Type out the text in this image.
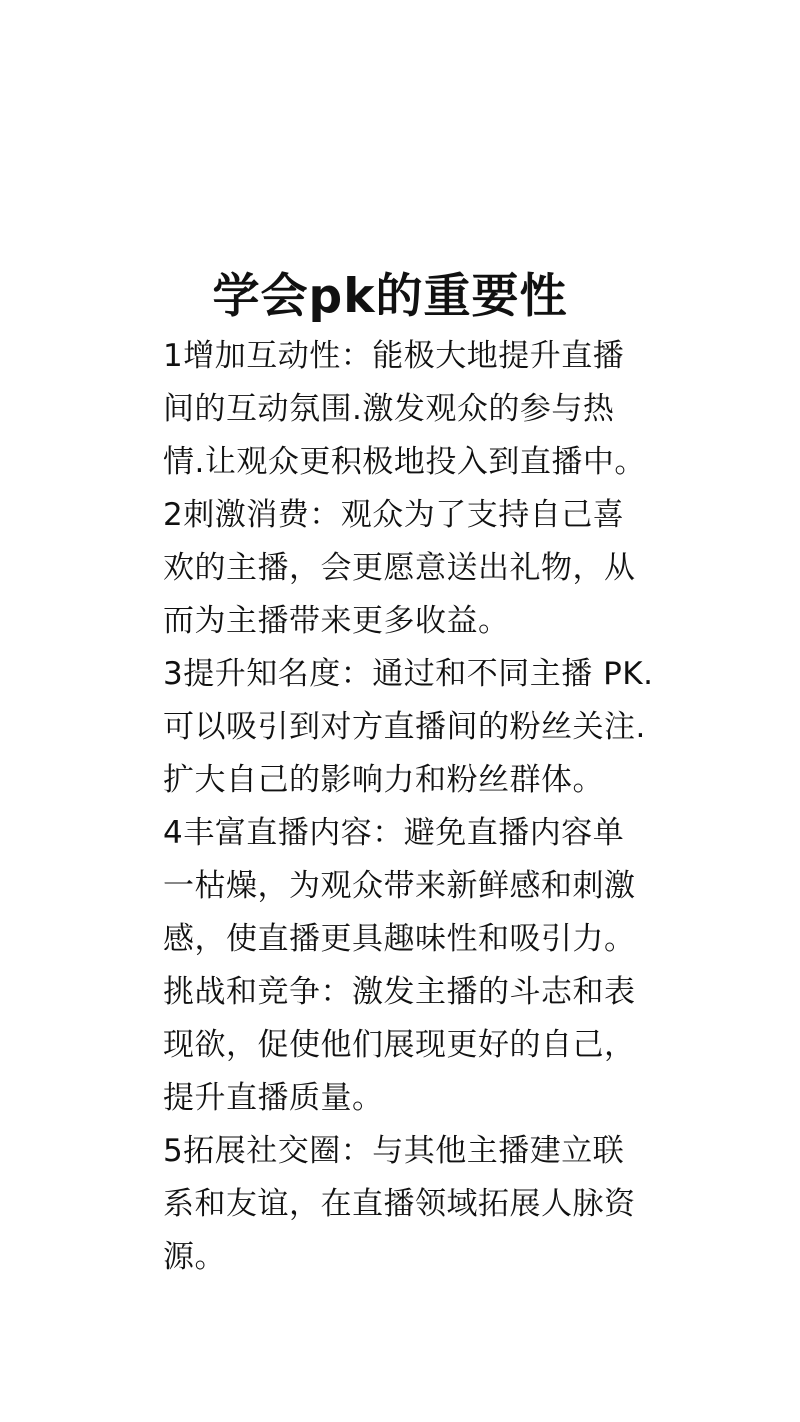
学会pk的重要性
1增加互动性：能极大地提升直播
间的互动氛围.激发观众的参与热
情.让观众更积极地投入到直播中。
2刺激消费：观众为了支持自己喜
欢的主播，会更愿意送出礼物，从
而为主播带来更多收益。
3提升知名度：通过和不同主播 PK.
可以吸引到对方直播间的粉丝关注.
扩大自己的影响力和粉丝群体。
4丰富直播内容：避免直播内容单
一枯燥，为观众带来新鲜感和刺激
感，使直播更具趣味性和吸引力。
挑战和竞争：激发主播的斗志和表
现欲，促使他们展现更好的自己，
提升直播质量。
5拓展社交圈：与其他主播建立联
系和友谊，在直播领域拓展人脉资
源。
